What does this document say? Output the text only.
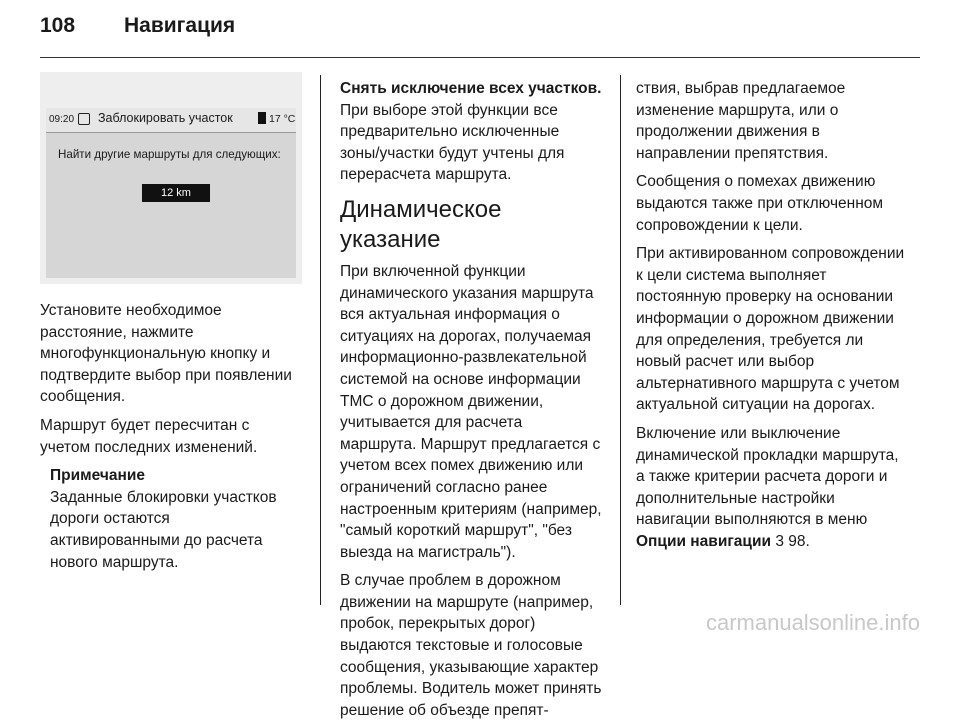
108 Навигация
09:20 Заблокировать участок	17 °C
Найти другие маршруты для следующих:
12 km

Установите необходимое расстояние, нажмите многофункциональную кнопку и подтвердите выбор при появлении сообщения.

Маршрут будет пересчитан с учетом последних изменений.

Примечание
Заданные блокировки участков дороги остаются активированными до расчета нового маршрута.

Снять исключение всех участков.
При выборе этой функции все предварительно исключенные зоны/участки будут учтены для перерасчета маршрута.

Динамическое указание

При включенной функции динамического указания маршрута вся актуальная информация о ситуациях на дорогах, получаемая информационно-развлекательной системой на основе информации TMC о дорожном движении, учитывается для расчета маршрута. Маршрут предлагается с учетом всех помех движению или ограничений согласно ранее настроенным критериям (например, "самый короткий маршрут", "без выезда на магистраль").

В случае проблем в дорожном движении на маршруте (например, пробок, перекрытых дорог) выдаются текстовые и голосовые сообщения, указывающие характер проблемы. Водитель может принять решение об объезде препят-

ствия, выбрав предлагаемое изменение маршрута, или о продолжении движения в направлении препятствия.

Сообщения о помехах движению выдаются также при отключенном сопровождении к цели.

При активированном сопровождении к цели система выполняет постоянную проверку на основании информации о дорожном движении для определения, требуется ли новый расчет или выбор альтернативного маршрута с учетом актуальной ситуации на дорогах.

Включение или выключение динамической прокладки маршрута, а также критерии расчета дороги и дополнительные настройки навигации выполняются в меню Опции навигации 3 98.

carmanualsonline.info
